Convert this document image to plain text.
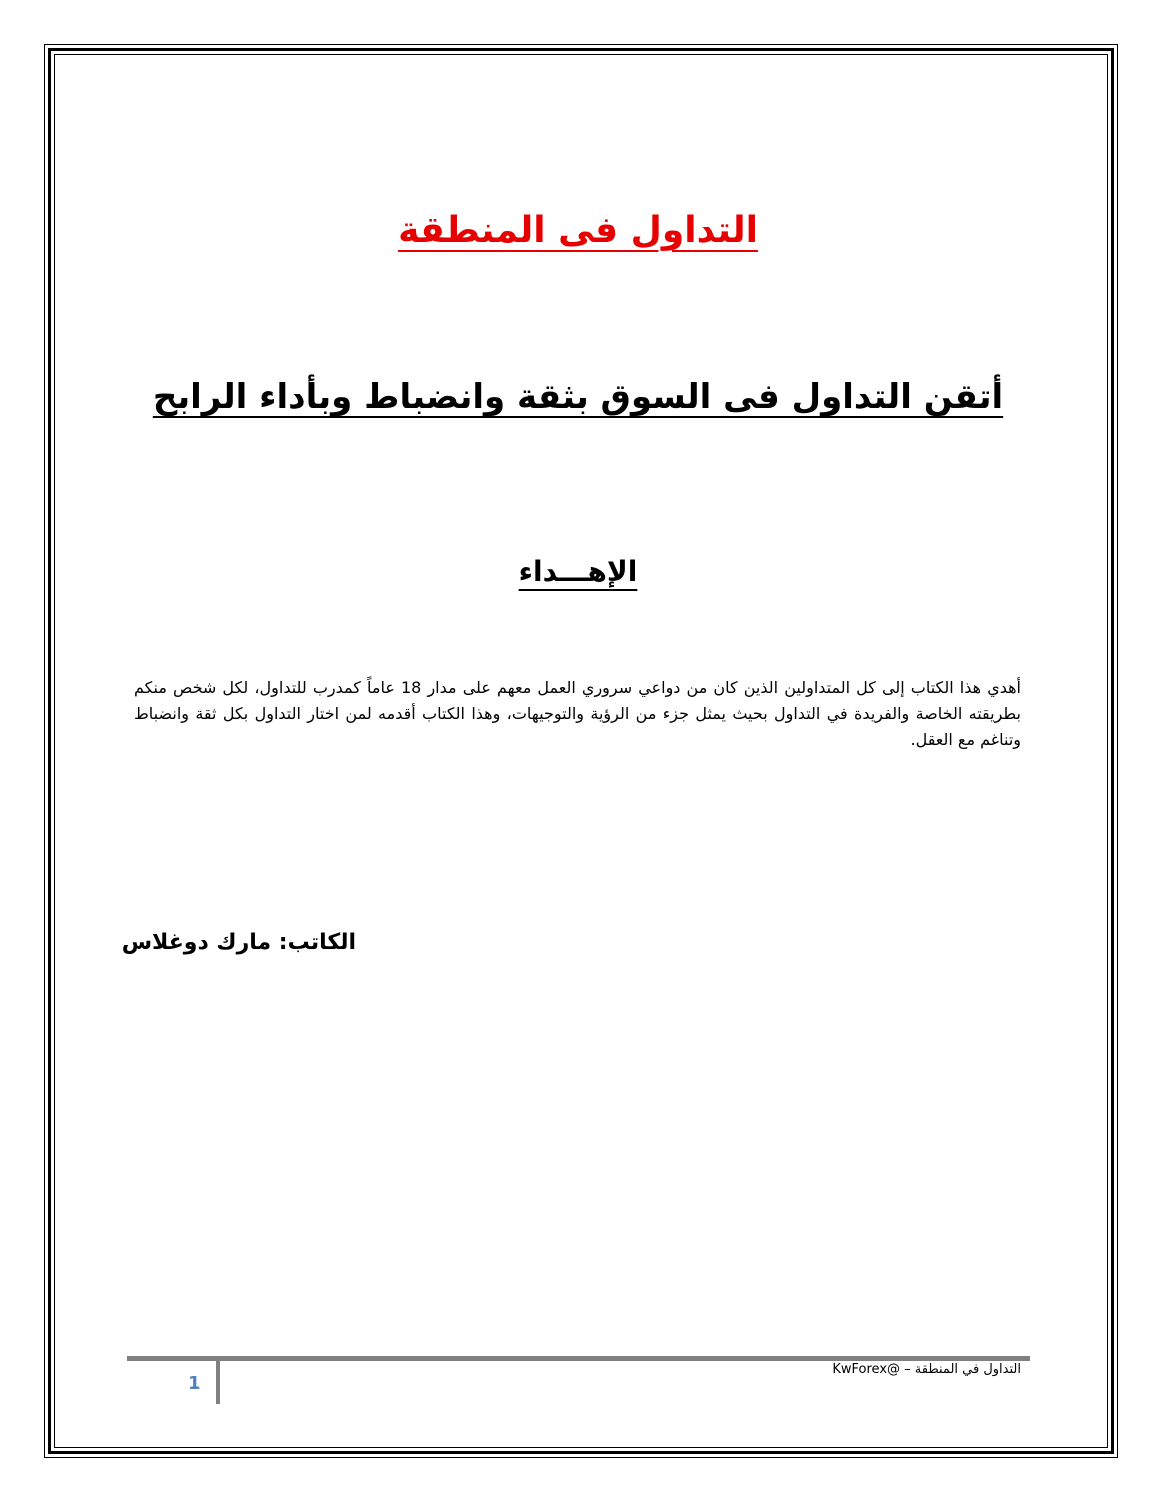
التداول فى المنطقة
أتقن التداول فى السوق بثقة وانضباط وبأداء الرابح
الإهـــداء
أهدي هذا الكتاب إلى كل المتداولين الذين كان من دواعي سروري العمل معهم على مدار 18 عاماً كمدرب للتداول، لكل شخص منكم بطريقته الخاصة والفريدة في التداول بحيث يمثل جزء من الرؤية والتوجيهات، وهذا الكتاب أقدمه لمن اختار التداول بكل ثقة وانضباط وتناغم مع العقل.
الكاتب: مارك دوغلاس
1
التداول في المنطقة – @KwForex
